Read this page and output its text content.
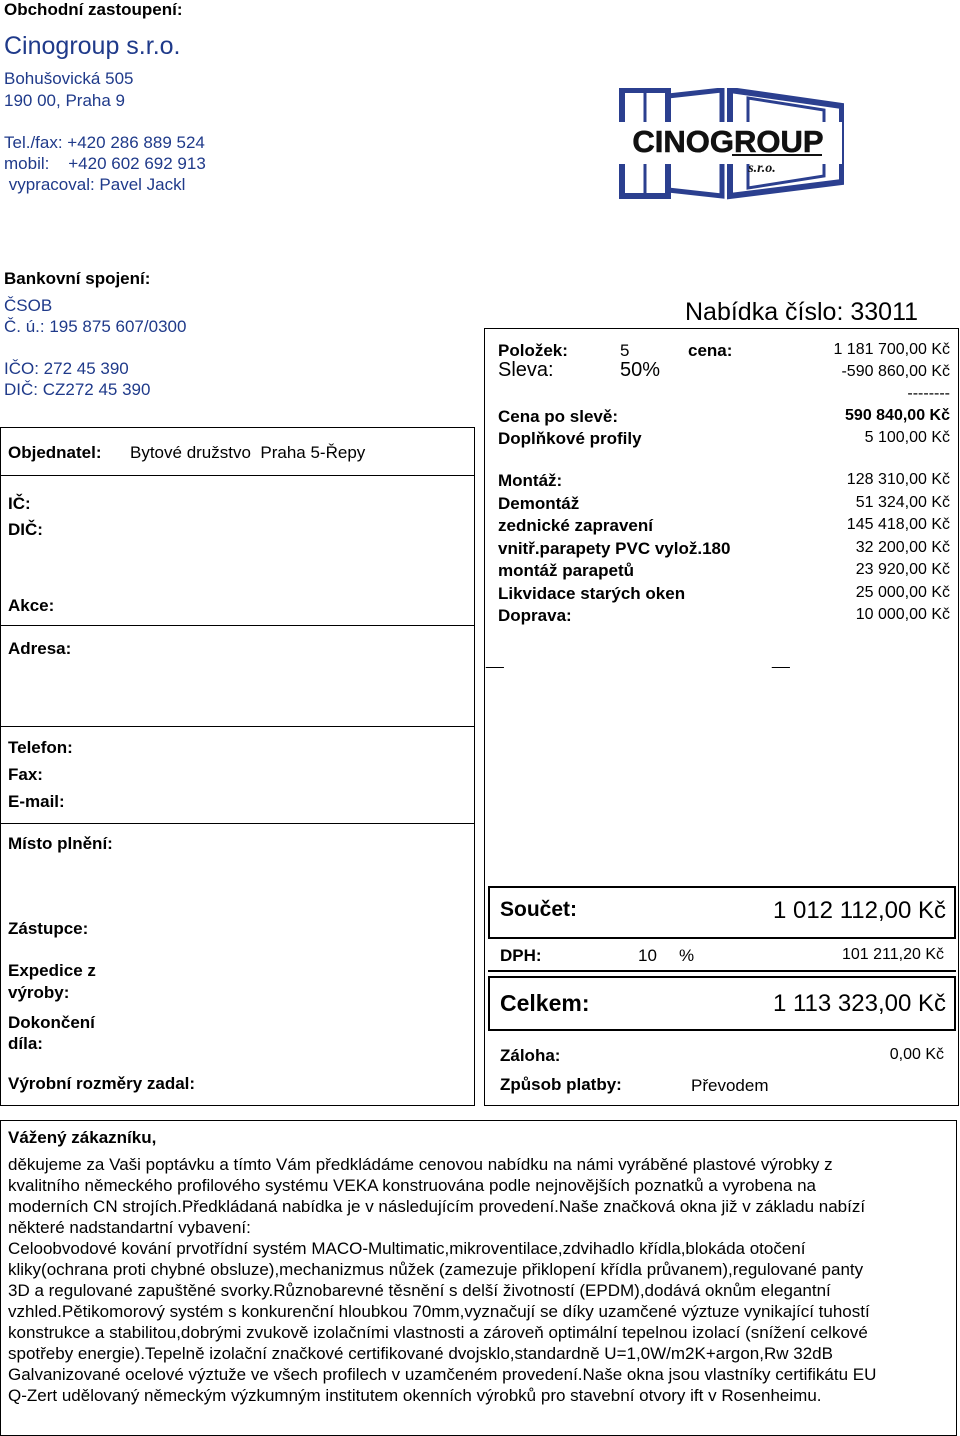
Obchodní zastoupení:
Cinogroup s.r.o.
Bohušovická 505
190 00, Praha 9
Tel./fax: +420 286 889 524
mobil:    +420 602 692 913
vypracoval: Pavel Jackl
CINOGROUP
s.r.o.
Bankovní spojení:
ČSOB
Č. ú.: 195 875 607/0300
IČO: 272 45 390
DIČ: CZ272 45 390
Objednatel: Bytové družstvo  Praha 5-Řepy
IČ:
DIČ:
Akce:
Adresa:
Telefon:
Fax:
E-mail:
Místo plnění:
Zástupce:
Expedice z
výroby:
Dokončení
díla:
Výrobní rozměry zadal:
Nabídka číslo: 33011
Položek:	5	cena:	1 181 700,00 Kč
Sleva:	50%	-590 860,00 Kč
--------
Cena po slevě:	590 840,00 Kč
Doplňkové profily	5 100,00 Kč
Montáž:	128 310,00 Kč
Demontáž	51 324,00 Kč
zednické zapravení	145 418,00 Kč
vnitř.parapety PVC vylož.180	32 200,00 Kč
montáž parapetů	23 920,00 Kč
Likvidace starých oken	25 000,00 Kč
Doprava:	10 000,00 Kč
__	__
Součet:	1 012 112,00 Kč
DPH:	10 %	101 211,20 Kč
Celkem:	1 113 323,00 Kč
Záloha:	0,00 Kč
Způsob platby:	Převodem
Vážený zákazníku,
děkujeme za Vaši poptávku a tímto Vám předkládáme cenovou nabídku na námi vyráběné plastové výrobky z
kvalitního německého profilového systému VEKA konstruována podle nejnovějších poznatků a vyrobena na
moderních CN strojích.Předkládaná nabídka je v následujícím provedení.Naše značková okna již v základu nabízí
některé nadstandartní vybavení:
Celoobvodové kování prvotřídní systém MACO-Multimatic,mikroventilace,zdvihadlo křídla,blokáda otočení
kliky(ochrana proti chybné obsluze),mechanizmus nůžek (zamezuje přiklopení křídla průvanem),regulované panty
3D a regulované zapuštěné svorky.Různobarevné těsnění s delší životností (EPDM),dodává oknům elegantní
vzhled.Pětikomorový systém s konkurenční hloubkou 70mm,vyznačují se díky uzamčené výztuze vynikající tuhostí
konstrukce a stabilitou,dobrými zvukově izolačními vlastnosti a zároveň optimální tepelnou izolací (snížení celkové
spotřeby energie).Tepelně izolační značkové certifikované dvojsklo,standardně U=1,0W/m2K+argon,Rw 32dB
Galvanizované ocelové výztuže ve všech profilech v uzamčeném provedení.Naše okna jsou vlastníky certifikátu EU
Q-Zert udělovaný německým výzkumným institutem okenních výrobků pro stavební otvory ift v Rosenheimu.
